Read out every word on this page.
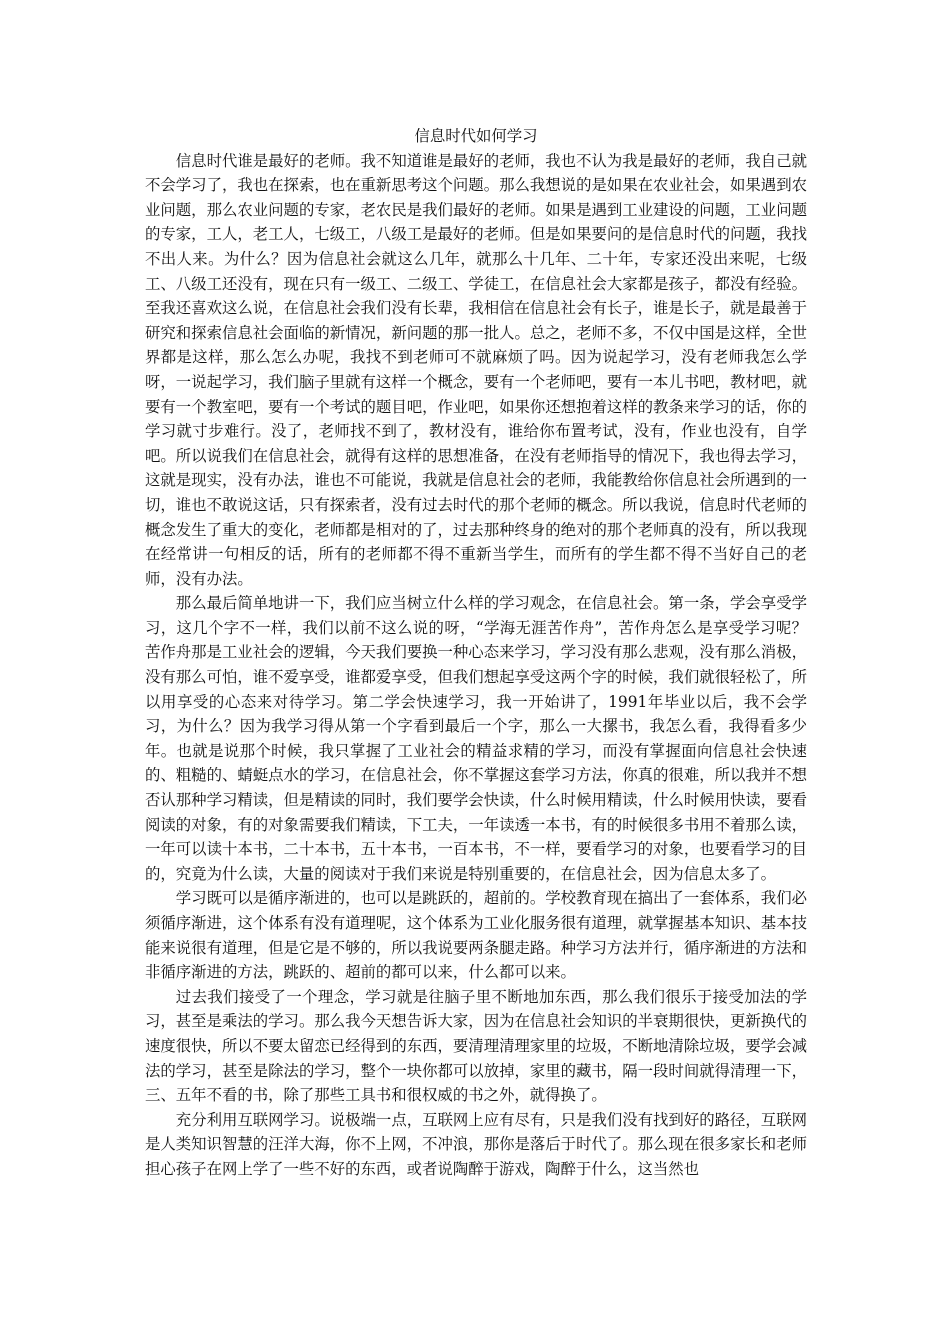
信息时代如何学习

信息时代谁是最好的老师。我不知道谁是最好的老师，我也不认为我是最好的老师，我自己就不会学习了，我也在探索，也在重新思考这个问题。那么我想说的是如果在农业社会，如果遇到农业问题，那么农业问题的专家，老农民是我们最好的老师。如果是遇到工业建设的问题，工业问题的专家，工人，老工人，七级工，八级工是最好的老师。但是如果要问的是信息时代的问题，我找不出人来。为什么？因为信息社会就这么几年，就那么十几年、二十年，专家还没出来呢，七级工、八级工还没有，现在只有一级工、二级工、学徒工，在信息社会大家都是孩子，都没有经验。至我还喜欢这么说，在信息社会我们没有长辈，我相信在信息社会有长子，谁是长子，就是最善于研究和探索信息社会面临的新情况，新问题的那一批人。总之，老师不多，不仅中国是这样，全世界都是这样，那么怎么办呢，我找不到老师可不就麻烦了吗。因为说起学习，没有老师我怎么学呀，一说起学习，我们脑子里就有这样一个概念，要有一个老师吧，要有一本儿书吧，教材吧，就要有一个教室吧，要有一个考试的题目吧，作业吧，如果你还想抱着这样的教条来学习的话，你的学习就寸步难行。没了，老师找不到了，教材没有，谁给你布置考试，没有，作业也没有，自学吧。所以说我们在信息社会，就得有这样的思想准备，在没有老师指导的情况下，我也得去学习，这就是现实，没有办法，谁也不可能说，我就是信息社会的老师，我能教给你信息社会所遇到的一切，谁也不敢说这话，只有探索者，没有过去时代的那个老师的概念。所以我说，信息时代老师的概念发生了重大的变化，老师都是相对的了，过去那种终身的绝对的那个老师真的没有，所以我现在经常讲一句相反的话，所有的老师都不得不重新当学生，而所有的学生都不得不当好自己的老师，没有办法。

那么最后简单地讲一下，我们应当树立什么样的学习观念，在信息社会。第一条，学会享受学习，这几个字不一样，我们以前不这么说的呀，“学海无涯苦作舟”，苦作舟怎么是享受学习呢？苦作舟那是工业社会的逻辑，今天我们要换一种心态来学习，学习没有那么悲观，没有那么消极，没有那么可怕，谁不爱享受，谁都爱享受，但我们想起享受这两个字的时候，我们就很轻松了，所以用享受的心态来对待学习。第二学会快速学习，我一开始讲了，1991年毕业以后，我不会学习，为什么？因为我学习得从第一个字看到最后一个字，那么一大摞书，我怎么看，我得看多少年。也就是说那个时候，我只掌握了工业社会的精益求精的学习，而没有掌握面向信息社会快速的、粗糙的、蜻蜓点水的学习，在信息社会，你不掌握这套学习方法，你真的很难，所以我并不想否认那种学习精读，但是精读的同时，我们要学会快读，什么时候用精读，什么时候用快读，要看阅读的对象，有的对象需要我们精读，下工夫，一年读透一本书，有的时候很多书用不着那么读，一年可以读十本书，二十本书，五十本书，一百本书，不一样，要看学习的对象，也要看学习的目的，究竟为什么读，大量的阅读对于我们来说是特别重要的，在信息社会，因为信息太多了。

学习既可以是循序渐进的，也可以是跳跃的，超前的。学校教育现在搞出了一套体系，我们必须循序渐进，这个体系有没有道理呢，这个体系为工业化服务很有道理，就掌握基本知识、基本技能来说很有道理，但是它是不够的，所以我说要两条腿走路。种学习方法并行，循序渐进的方法和非循序渐进的方法，跳跃的、超前的都可以来，什么都可以来。

过去我们接受了一个理念，学习就是往脑子里不断地加东西，那么我们很乐于接受加法的学习，甚至是乘法的学习。那么我今天想告诉大家，因为在信息社会知识的半衰期很快，更新换代的速度很快，所以不要太留恋已经得到的东西，要清理清理家里的垃圾，不断地清除垃圾，要学会减法的学习，甚至是除法的学习，整个一块你都可以放掉，家里的藏书，隔一段时间就得清理一下，三、五年不看的书，除了那些工具书和很权威的书之外，就得换了。

充分利用互联网学习。说极端一点，互联网上应有尽有，只是我们没有找到好的路径，互联网是人类知识智慧的汪洋大海，你不上网，不冲浪，那你是落后于时代了。那么现在很多家长和老师担心孩子在网上学了一些不好的东西，或者说陶醉于游戏，陶醉于什么，这当然也
